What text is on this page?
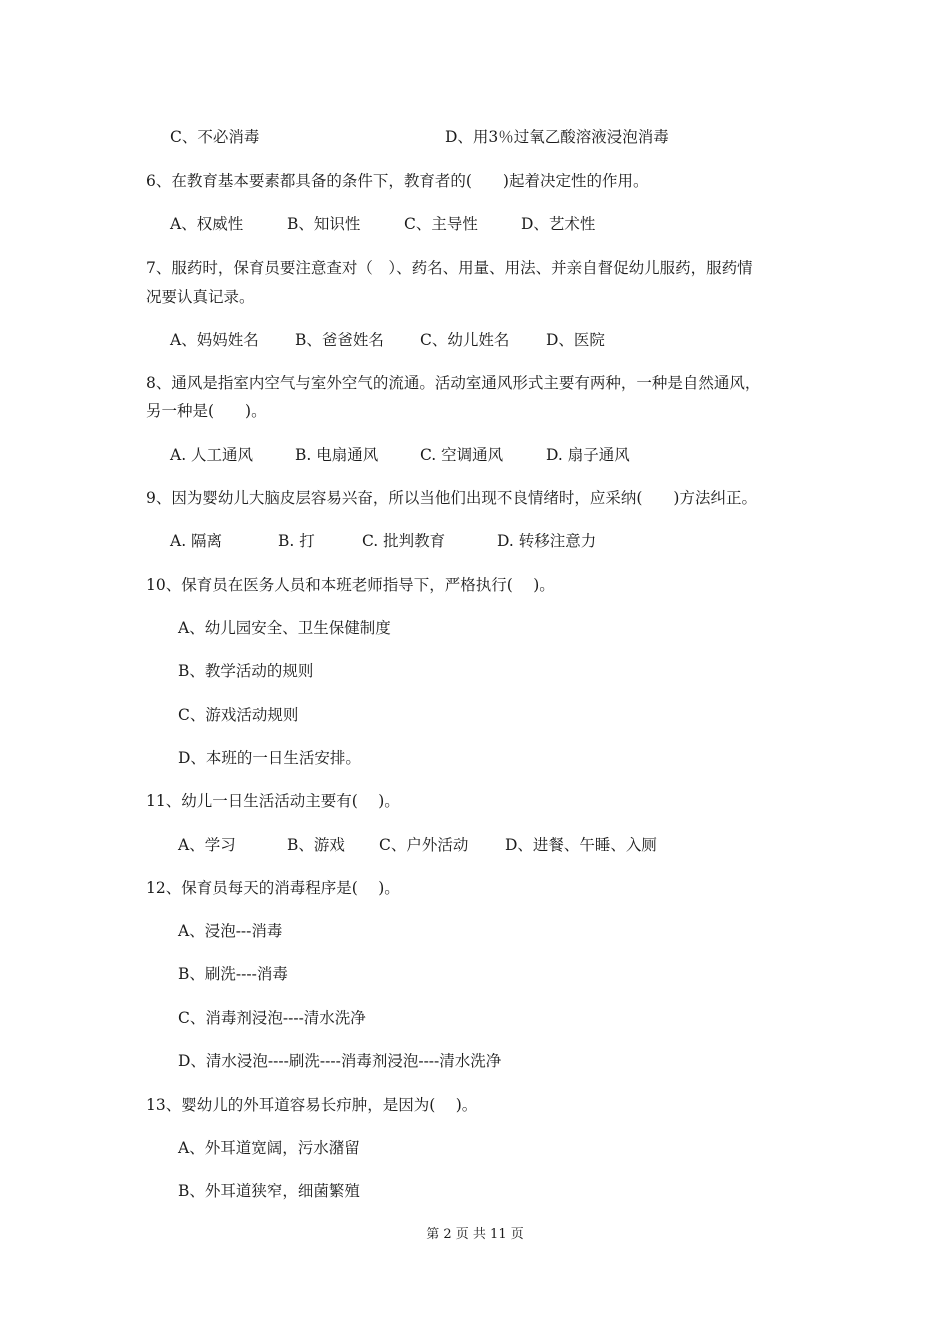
C、不必消毒	D、用3％过氧乙酸溶液浸泡消毒
6、在教育基本要素都具备的条件下，教育者的(　　)起着决定性的作用。
A、权威性	B、知识性	C、主导性	D、艺术性
7、服药时，保育员要注意查对（　）、药名、用量、用法、并亲自督促幼儿服药，服药情
况要认真记录。
A、妈妈姓名 B、爸爸姓名 C、幼儿姓名 D、医院
8、通风是指室内空气与室外空气的流通。活动室通风形式主要有两种，一种是自然通风，
另一种是(　　)。
A. 人工通风	B. 电扇通风	C. 空调通风	D. 扇子通风
9、因为婴幼儿大脑皮层容易兴奋，所以当他们出现不良情绪时，应采纳(　　)方法纠正。
A. 隔离	B. 打	C. 批判教育	D. 转移注意力
10、保育员在医务人员和本班老师指导下，严格执行(　 )。
A、幼儿园安全、卫生保健制度
B、教学活动的规则
C、游戏活动规则
D、本班的一日生活安排。
11、幼儿一日生活活动主要有(　 )。
A、学习	B、游戏 C、户外活动 D、进餐、午睡、入厕
12、保育员每天的消毒程序是(　 )。
A、浸泡---消毒
B、刷洗----消毒
C、消毒剂浸泡----清水洗净
D、清水浸泡----刷洗----消毒剂浸泡----清水洗净
13、婴幼儿的外耳道容易长疖肿，是因为(　 )。
A、外耳道宽阔，污水潴留
B、外耳道狭窄，细菌繁殖
第 2 页 共 11 页
